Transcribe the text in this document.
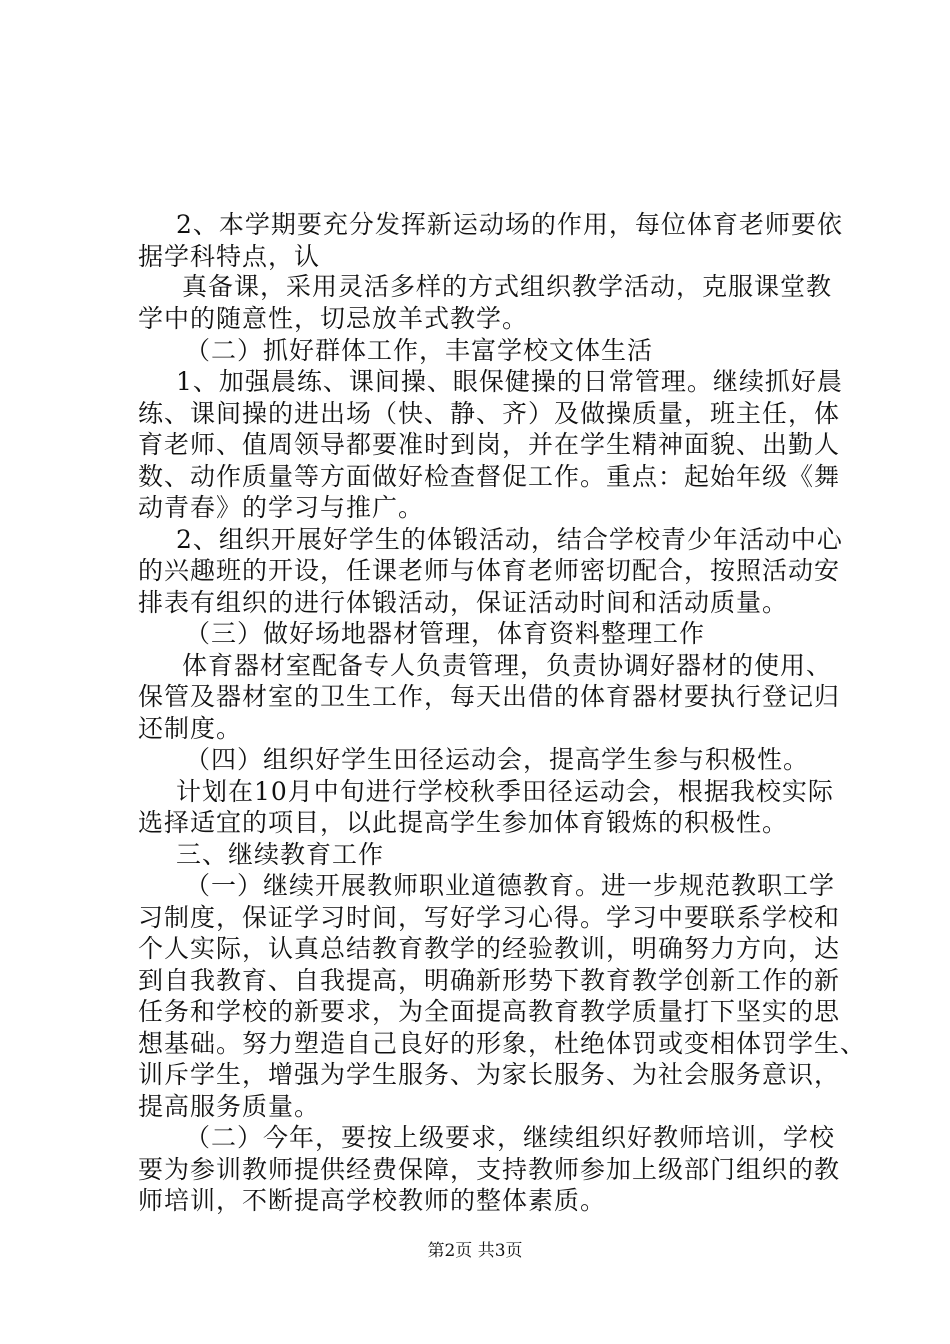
2、本学期要充分发挥新运动场的作用，每位体育老师要依
据学科特点，认
真备课，采用灵活多样的方式组织教学活动，克服课堂教
学中的随意性，切忌放羊式教学。
（二）抓好群体工作，丰富学校文体生活
1、加强晨练、课间操、眼保健操的日常管理。继续抓好晨
练、课间操的进出场（快、静、齐）及做操质量，班主任，体
育老师、值周领导都要准时到岗，并在学生精神面貌、出勤人
数、动作质量等方面做好检查督促工作。重点：起始年级《舞
动青春》的学习与推广。
2、组织开展好学生的体锻活动，结合学校青少年活动中心
的兴趣班的开设，任课老师与体育老师密切配合，按照活动安
排表有组织的进行体锻活动，保证活动时间和活动质量。
（三）做好场地器材管理，体育资料整理工作
体育器材室配备专人负责管理，负责协调好器材的使用、
保管及器材室的卫生工作，每天出借的体育器材要执行登记归
还制度。
（四）组织好学生田径运动会，提高学生参与积极性。
计划在10月中旬进行学校秋季田径运动会，根据我校实际
选择适宜的项目，以此提高学生参加体育锻炼的积极性。
三、继续教育工作
（一）继续开展教师职业道德教育。进一步规范教职工学
习制度，保证学习时间，写好学习心得。学习中要联系学校和
个人实际，认真总结教育教学的经验教训，明确努力方向，达
到自我教育、自我提高，明确新形势下教育教学创新工作的新
任务和学校的新要求，为全面提高教育教学质量打下坚实的思
想基础。努力塑造自己良好的形象，杜绝体罚或变相体罚学生、
训斥学生，增强为学生服务、为家长服务、为社会服务意识，
提高服务质量。
（二）今年，要按上级要求，继续组织好教师培训，学校
要为参训教师提供经费保障，支持教师参加上级部门组织的教
师培训，不断提高学校教师的整体素质。
第2页 共3页
